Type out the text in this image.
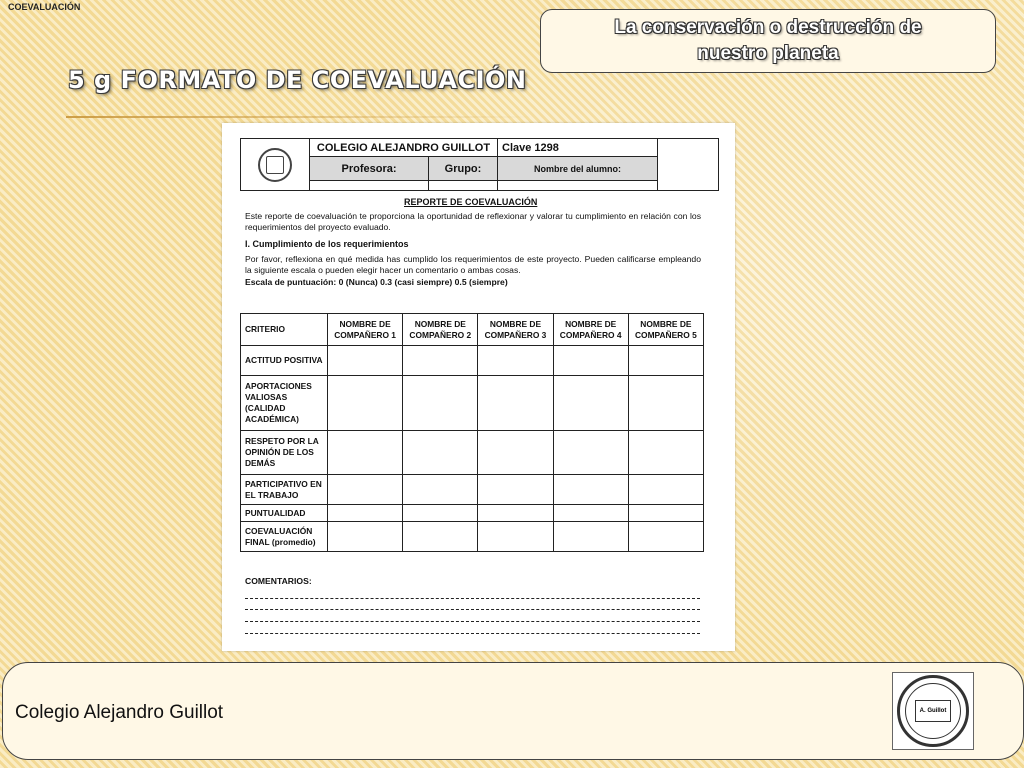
COEVALUACIÓN
La conservación o destrucción de nuestro planeta
5 g FORMATO DE COEVALUACIÓN
	COLEGIO ALEJANDRO GUILLOT		Clave 1298	
	Profesora:	Grupo:	Nombre del alumno:	

REPORTE DE COEVALUACIÓN
Este reporte de coevaluación te proporciona la oportunidad de reflexionar y valorar tu cumplimiento en relación con los requerimientos del proyecto evaluado.
I. Cumplimiento de los requerimientos
Por favor, reflexiona en qué medida has cumplido los requerimientos de este proyecto. Pueden calificarse empleando la siguiente escala o pueden elegir hacer un comentario o ambas cosas.
Escala de puntuación: 0 (Nunca) 0.3 (casi siempre) 0.5 (siempre)
CRITERIO	NOMBRE DE COMPAÑERO 1	NOMBRE DE COMPAÑERO 2	NOMBRE DE COMPAÑERO 3	NOMBRE DE COMPAÑERO 4	NOMBRE DE COMPAÑERO 5
ACTITUD POSITIVA					
APORTACIONES VALIOSAS (CALIDAD ACADÉMICA)					
RESPETO POR LA OPINIÓN DE LOS DEMÁS					
PARTICIPATIVO EN EL TRABAJO					
PUNTUALIDAD					
COEVALUACIÓN FINAL (promedio)					
COMENTARIOS:
Colegio Alejandro Guillot	A. Guillot
